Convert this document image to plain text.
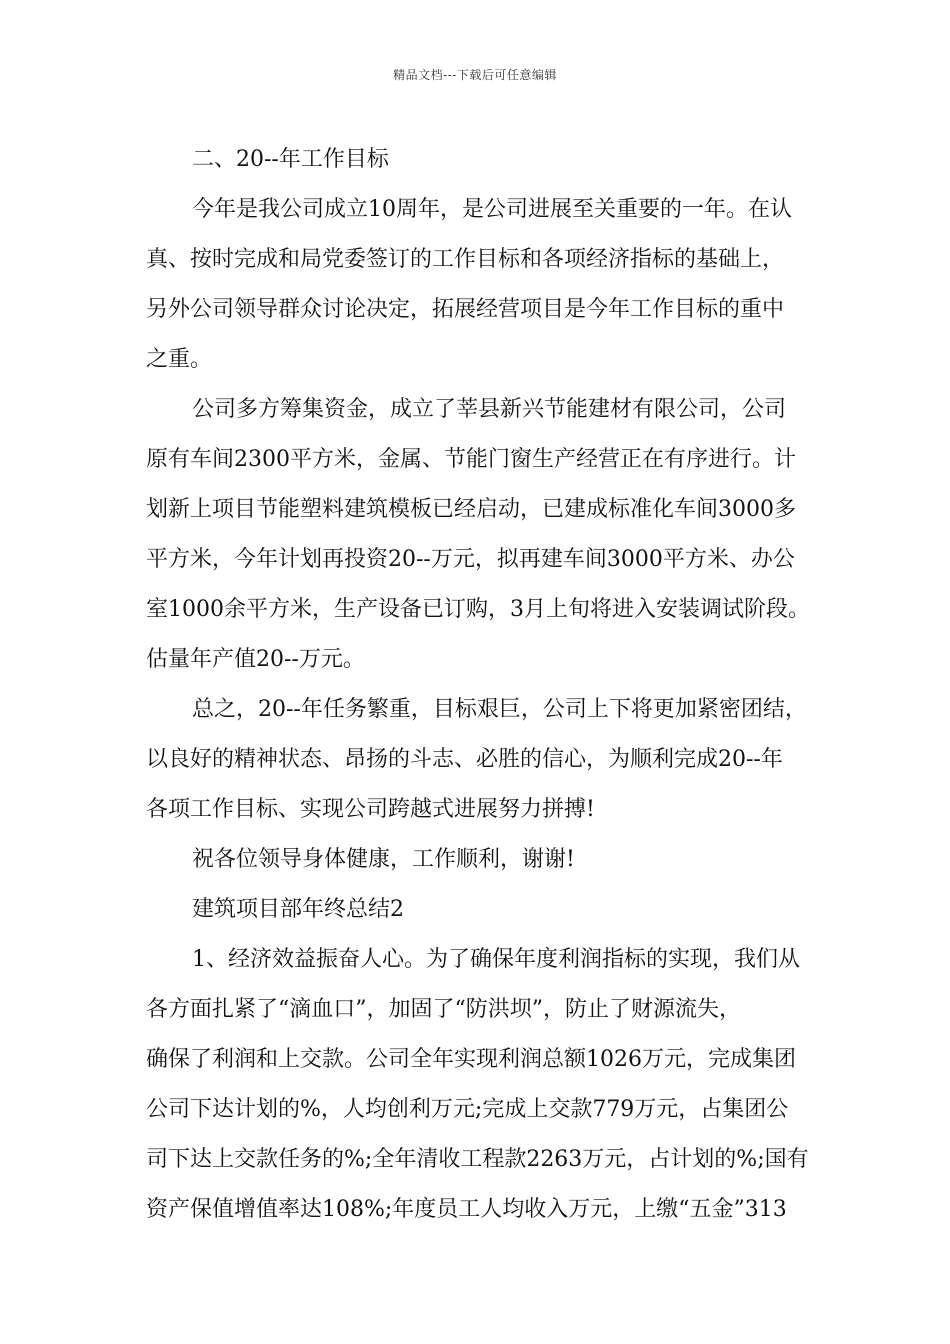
精品文档---下载后可任意编辑
二、20--年工作目标
今年是我公司成立10周年，是公司进展至关重要的一年。在认
真、按时完成和局党委签订的工作目标和各项经济指标的基础上，
另外公司领导群众讨论决定，拓展经营项目是今年工作目标的重中
之重。
公司多方筹集资金，成立了莘县新兴节能建材有限公司，公司
原有车间2300平方米，金属、节能门窗生产经营正在有序进行。计
划新上项目节能塑料建筑模板已经启动，已建成标准化车间3000多
平方米，今年计划再投资20--万元，拟再建车间3000平方米、办公
室1000余平方米，生产设备已订购，3月上旬将进入安装调试阶段。
估量年产值20--万元。
总之，20--年任务繁重，目标艰巨，公司上下将更加紧密团结，
以良好的精神状态、昂扬的斗志、必胜的信心，为顺利完成20--年
各项工作目标、实现公司跨越式进展努力拼搏!
祝各位领导身体健康，工作顺利，谢谢!
建筑项目部年终总结2
1、经济效益振奋人心。为了确保年度利润指标的实现，我们从
各方面扎紧了“滴血口”，加固了“防洪坝”，防止了财源流失，
确保了利润和上交款。公司全年实现利润总额1026万元，完成集团
公司下达计划的%，人均创利万元;完成上交款779万元，占集团公
司下达上交款任务的%;全年清收工程款2263万元，占计划的%;国有
资产保值增值率达108%;年度员工人均收入万元，上缴“五金”313
